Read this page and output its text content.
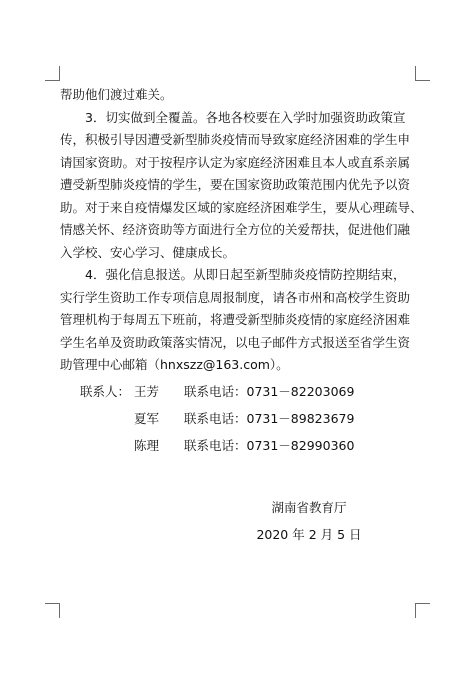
帮助他们渡过难关。
3．切实做到全覆盖。各地各校要在入学时加强资助政策宣
传，积极引导因遭受新型肺炎疫情而导致家庭经济困难的学生申
请国家资助。对于按程序认定为家庭经济困难且本人或直系亲属
遭受新型肺炎疫情的学生，要在国家资助政策范围内优先予以资
助。对于来自疫情爆发区域的家庭经济困难学生，要从心理疏导、
情感关怀、经济资助等方面进行全方位的关爱帮扶，促进他们融
入学校、安心学习、健康成长。
4．强化信息报送。从即日起至新型肺炎疫情防控期结束，
实行学生资助工作专项信息周报制度，请各市州和高校学生资助
管理机构于每周五下班前，将遭受新型肺炎疫情的家庭经济困难
学生名单及资助政策落实情况，以电子邮件方式报送至省学生资
助管理中心邮箱（hnxszz@163.com）。
联系人： 王芳	联系电话：0731－82203069
夏军	联系电话：0731－89823679
陈理	联系电话：0731－82990360
湖南省教育厅
2020 年 2 月 5 日
